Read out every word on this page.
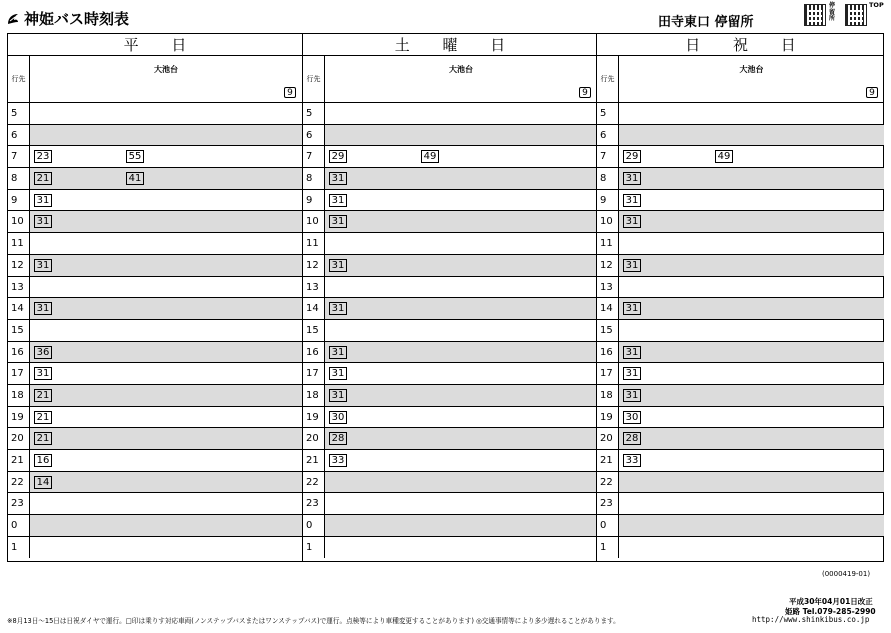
神姫バス時刻表	田寺東口 停留所
停留所
TOP
平 日
行先
大池台
9
5
6
7	23	55
8	21	41
9	31
10	31
11
12	31
13
14	31
15
16	36
17	31
18	21
19	21
20	21
21	16
22	14
23
0
1
土 曜 日
行先
大池台
9
5
6
7	29	49
8	31
9	31
10	31
11
12	31
13
14	31
15
16	31
17	31
18	31
19	30
20	28
21	33
22
23
0
1
日 祝 日
行先
大池台
9
5
6
7	29	49
8	31
9	31
10	31
11
12	31
13
14	31
15
16	31
17	31
18	31
19	30
20	28
21	33
22
23
0
1
(0000419-01)
平成30年04月01日改正
姫路 Tel.079-285-2990
※8月13日～15日は日祝ダイヤで運行。□印は乗りす対応車両(ノンステップバスまたはワンステップバス)で運行。点検等により車種変更することがあります) ◎交通事情等により多少遅れることがあります。	http://www.shinkibus.co.jp
